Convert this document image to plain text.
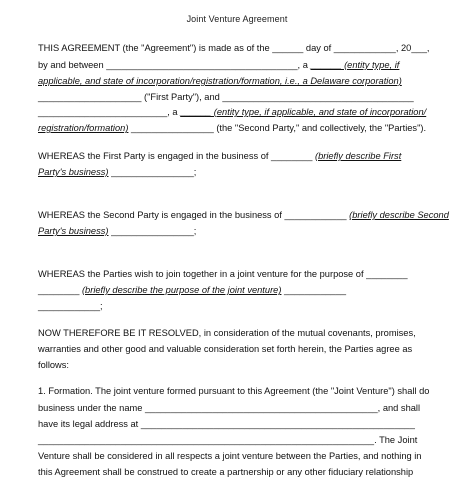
Joint Venture Agreement
THIS AGREEMENT (the "Agreement") is made as of the ______ day of ____________, 20___,
by and between _____________________________________, a ______ (entity type, if
applicable, and state of incorporation/registration/formation, i.e., a Delaware corporation)
____________________ ("First Party"), and _____________________________________
_________________________, a ______ (entity type, if applicable, and state of incorporation/
registration/formation) ________________ (the "Second Party," and collectively, the "Parties").
WHEREAS the First Party is engaged in the business of ________ (briefly describe First
Party's business) ________________;
WHEREAS the Second Party is engaged in the business of ____________ (briefly describe Second
Party's business) ________________;
WHEREAS the Parties wish to join together in a joint venture for the purpose of ________
________ (briefly describe the purpose of the joint venture) ____________
____________;
NOW THEREFORE BE IT RESOLVED, in consideration of the mutual covenants, promises,
warranties and other good and valuable consideration set forth herein, the Parties agree as
follows:
1. Formation. The joint venture formed pursuant to this Agreement (the "Joint Venture") shall do
business under the name _____________________________________________, and shall
have its legal address at _____________________________________________________
_________________________________________________________________. The Joint
Venture shall be considered in all respects a joint venture between the Parties, and nothing in
this Agreement shall be construed to create a partnership or any other fiduciary relationship
